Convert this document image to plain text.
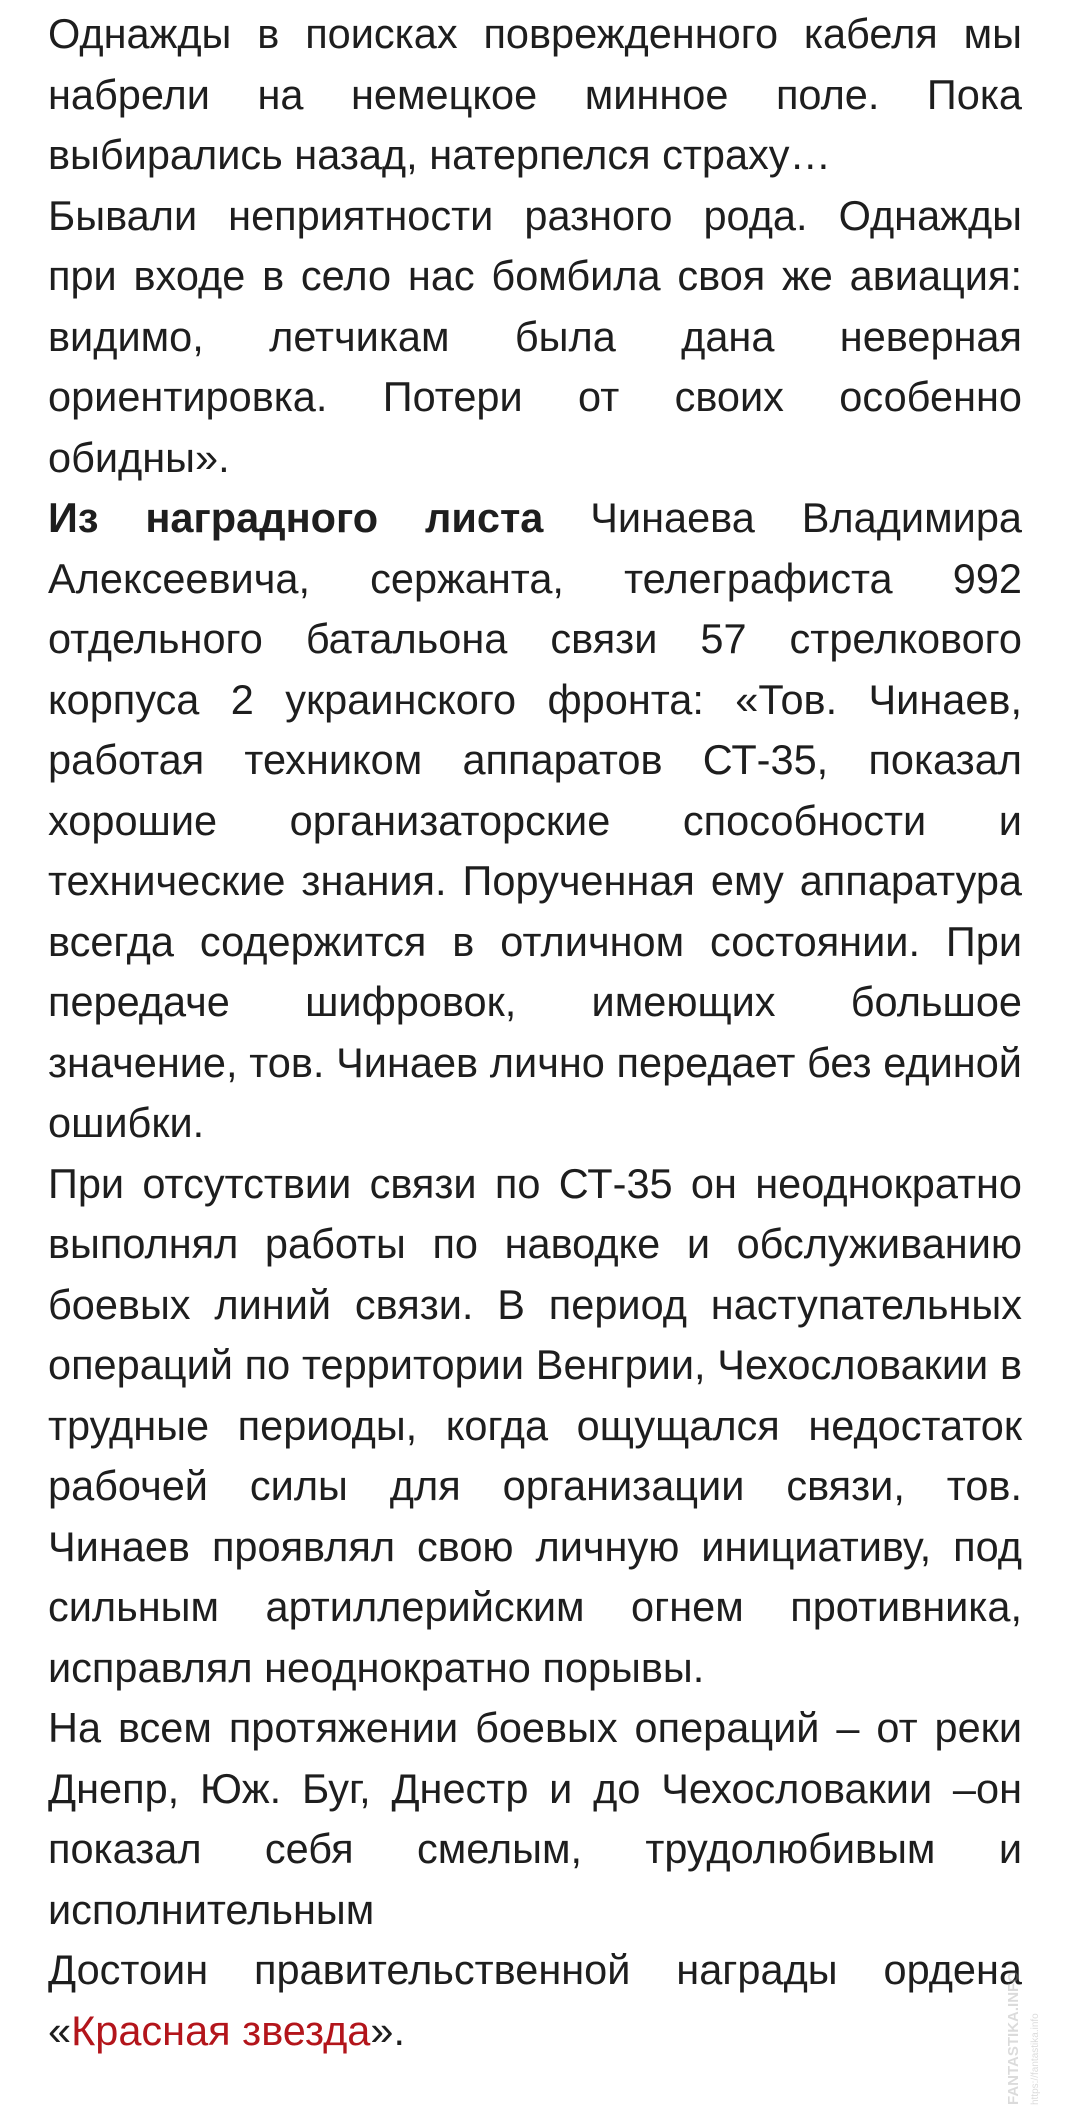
Однажды в поисках поврежденного кабеля мы набрели на немецкое минное поле. Пока выбирались назад, натерпелся страху…

Бывали неприятности разного рода. Однажды при входе в село нас бомбила своя же авиация: видимо, летчикам была дана неверная ориентировка. Потери от своих особенно обидны».

Из наградного листа Чинаева Владимира Алексеевича, сержанта, телеграфиста 992 отдельного батальона связи 57 стрелкового корпуса 2 украинского фронта: «Тов. Чинаев, работая техником аппаратов СТ-35, показал хорошие организаторские способности и технические знания. Порученная ему аппаратура всегда содержится в отличном состоянии. При передаче шифровок, имеющих большое значение, тов. Чинаев лично передает без единой ошибки.

При отсутствии связи по СТ-35 он неоднократно выполнял работы по наводке и обслуживанию боевых линий связи. В период наступательных операций по территории Венгрии, Чехословакии в трудные периоды, когда ощущался недостаток рабочей силы для организации связи, тов. Чинаев проявлял свою личную инициативу, под сильным артиллерийским огнем противника, исправлял неоднократно порывы.

На всем протяжении боевых операций – от реки Днепр, Юж. Буг, Днестр и до Чехословакии –он показал себя смелым, трудолюбивым и исполнительным

Достоин правительственной награды ордена «Красная звезда».	FANTASTIKA.INFO https://fantastika.info
